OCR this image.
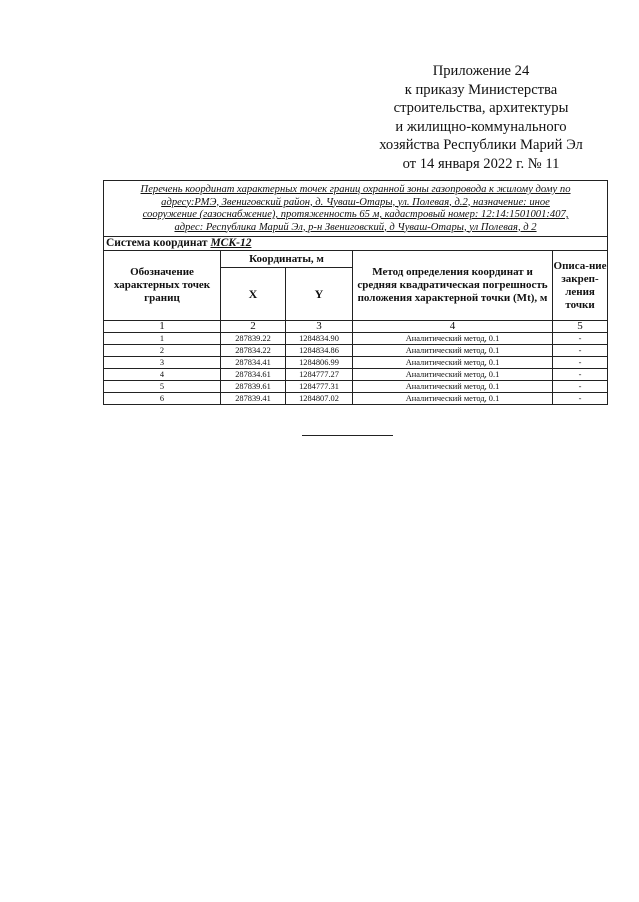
Приложение 24
к приказу Министерства
строительства, архитектуры
и жилищно-коммунального
хозяйства Республики Марий Эл
от 14 января 2022 г. № 11
Перечень координат характерных точек границ охранной зоны газопровода к жилому дому по
адресу:РМЭ, Звениговский район, д. Чуваш-Отары, ул. Полевая, д.2, назначение: иное
сооружение (газоснабжение), протяженность 65 м, кадастровый номер: 12:14:1501001:407,
адрес: Республика Марий Эл, р-н Звениговский, д Чуваш-Отары, ул Полевая, д 2				

Система координат МСК-12				
Обозначение характерных точек границ	Координаты, м		Метод определения координат и средняя квадратическая погрешность положения характерной точки (Mt), м	Описа-ние закреп-ления точки
	X	Y		
1	2	3	4	5
1	287839.22	1284834.90	Аналитический метод, 0.1	-
2	287834.22	1284834.86	Аналитический метод, 0.1	-
3	287834.41	1284806.99	Аналитический метод, 0.1	-
4	287834.61	1284777.27	Аналитический метод, 0.1	-
5	287839.61	1284777.31	Аналитический метод, 0.1	-
6	287839.41	1284807.02	Аналитический метод, 0.1	-
